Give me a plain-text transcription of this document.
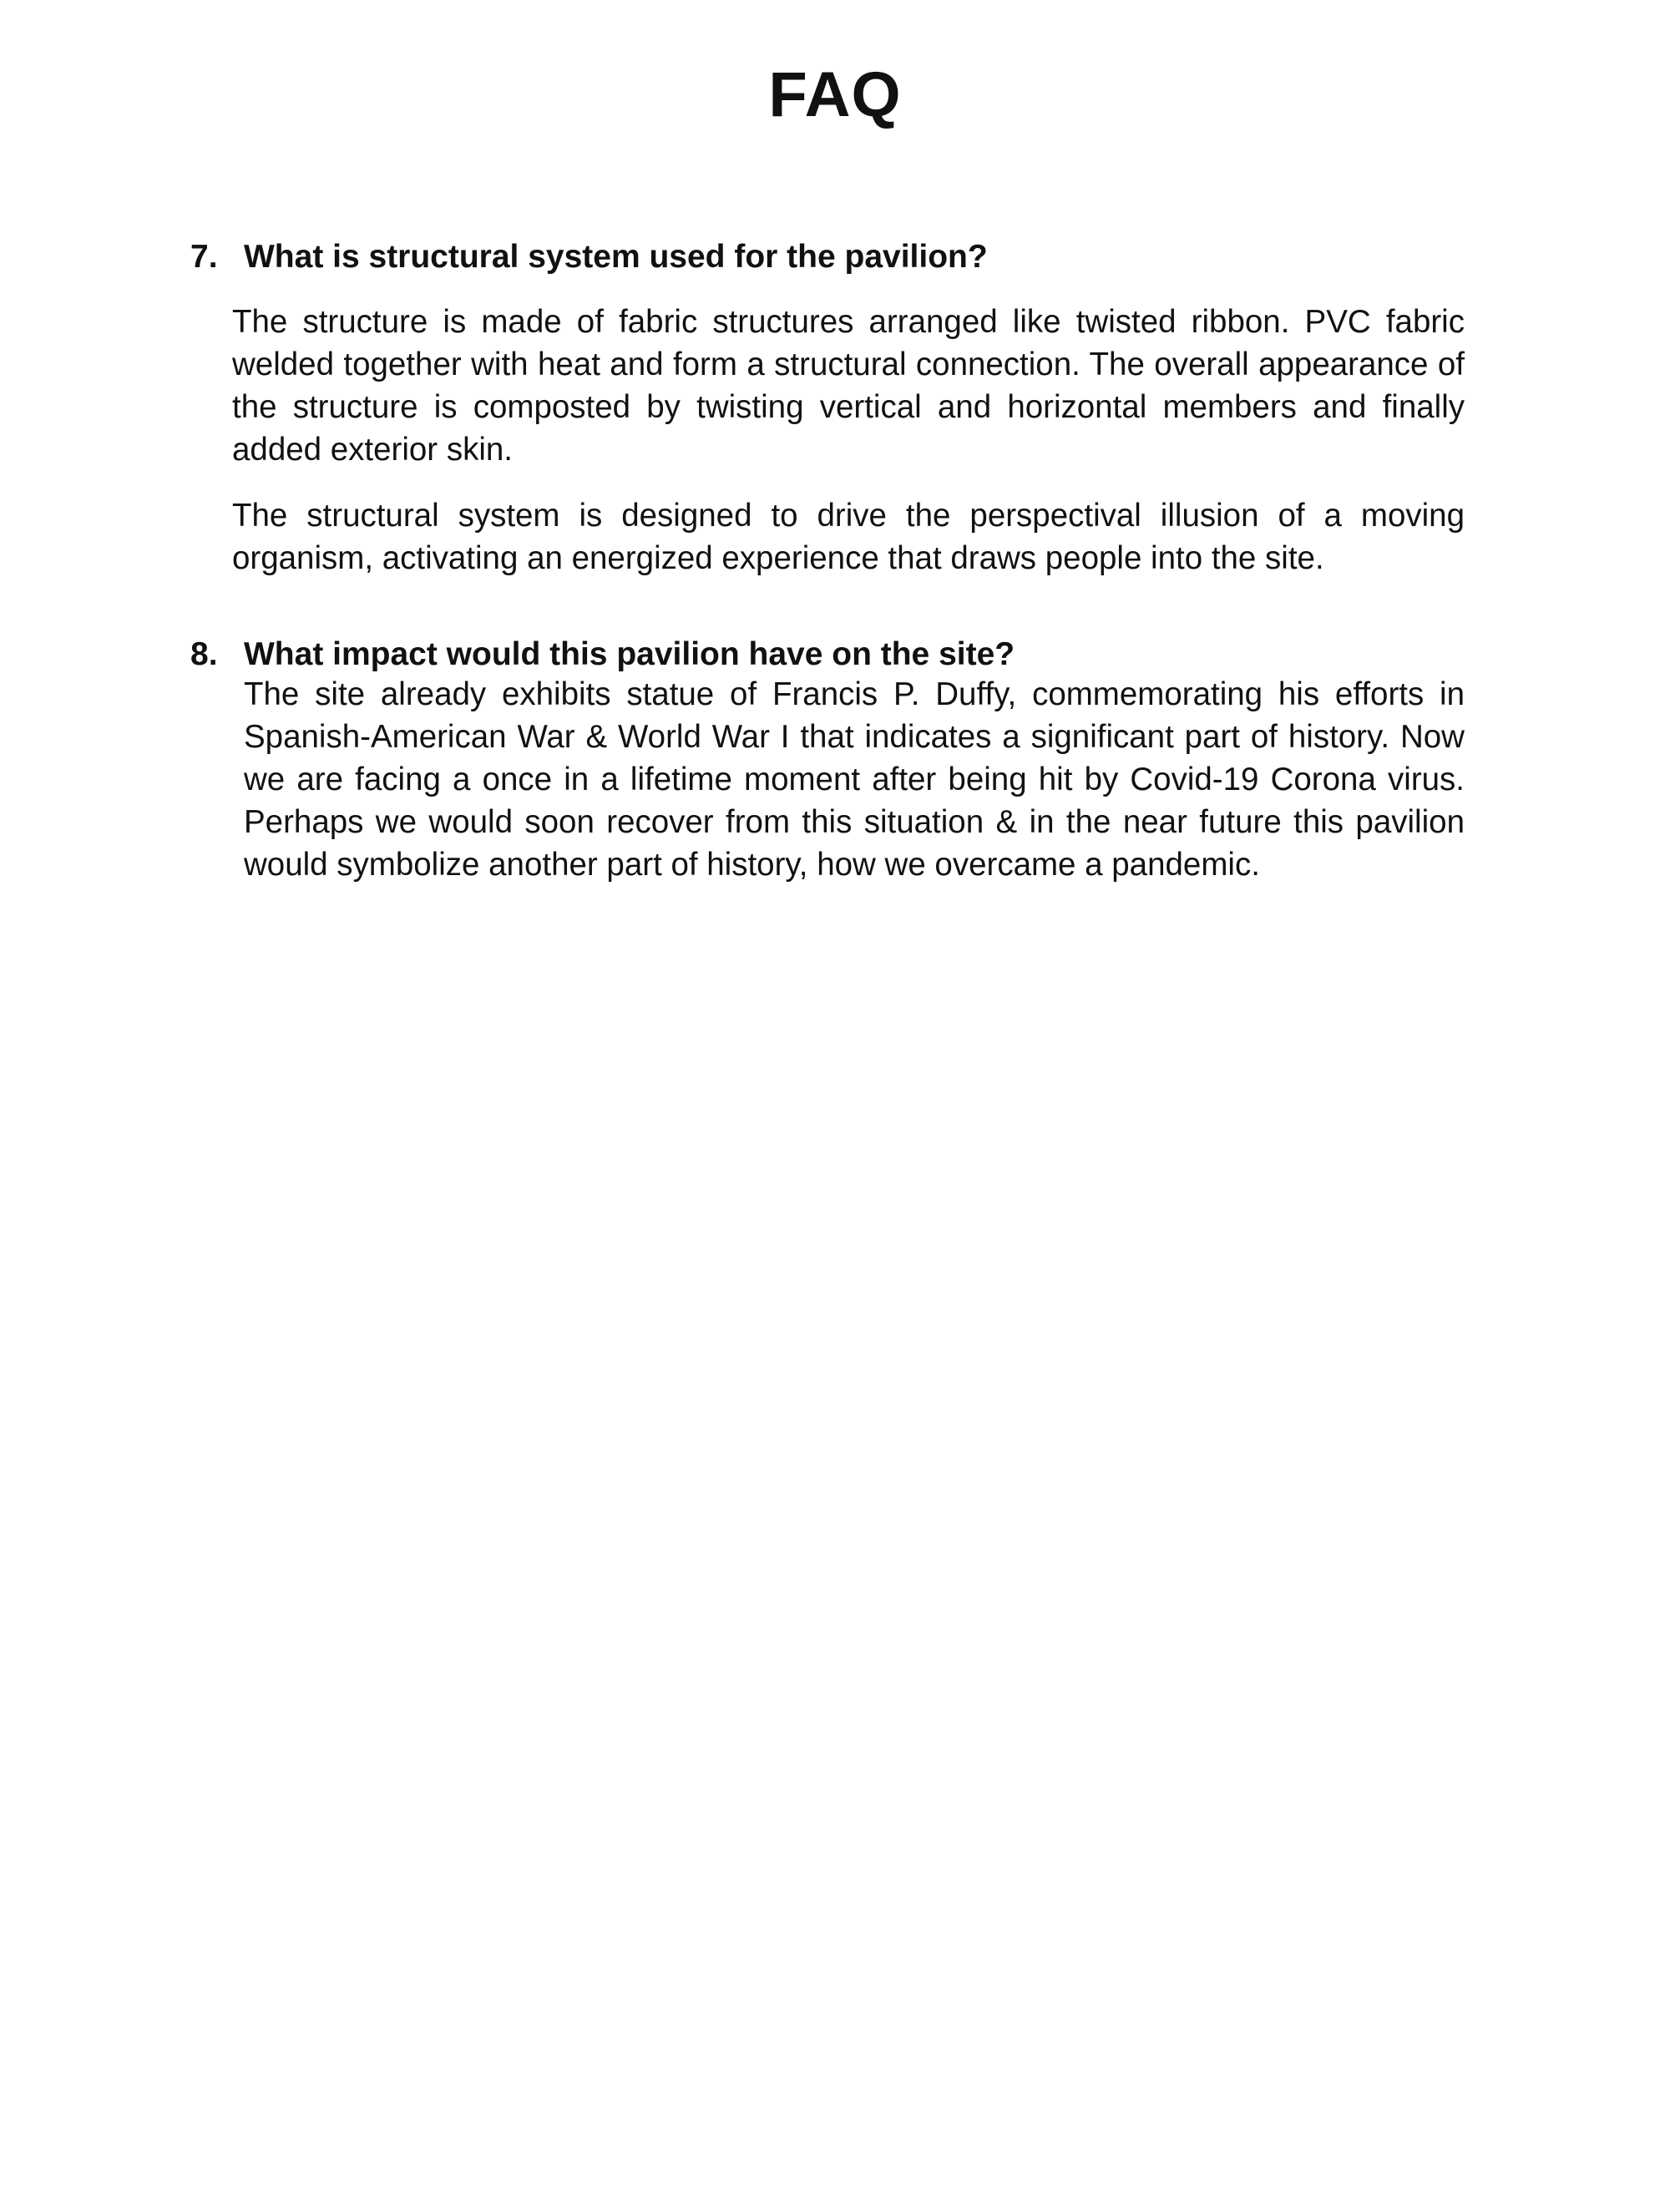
FAQ

7. What is structural system used for the pavilion?

The structure is made of fabric structures arranged like twisted ribbon. PVC fabric welded together with heat and form a structural connection. The overall appearance of the structure is composted by twisting vertical and horizontal members and finally added exterior skin.

The structural system is designed to drive the perspectival illusion of a moving organism, activating an energized experience that draws people into the site.

8. What impact would this pavilion have on the site?

The site already exhibits statue of Francis P. Duffy, commemorating his efforts in Spanish-American War & World War I that indicates a significant part of history. Now we are facing a once in a lifetime moment after being hit by Covid-19 Corona virus. Perhaps we would soon recover from this situation & in the near future this pavilion would symbolize another part of history, how we overcame a pandemic.
